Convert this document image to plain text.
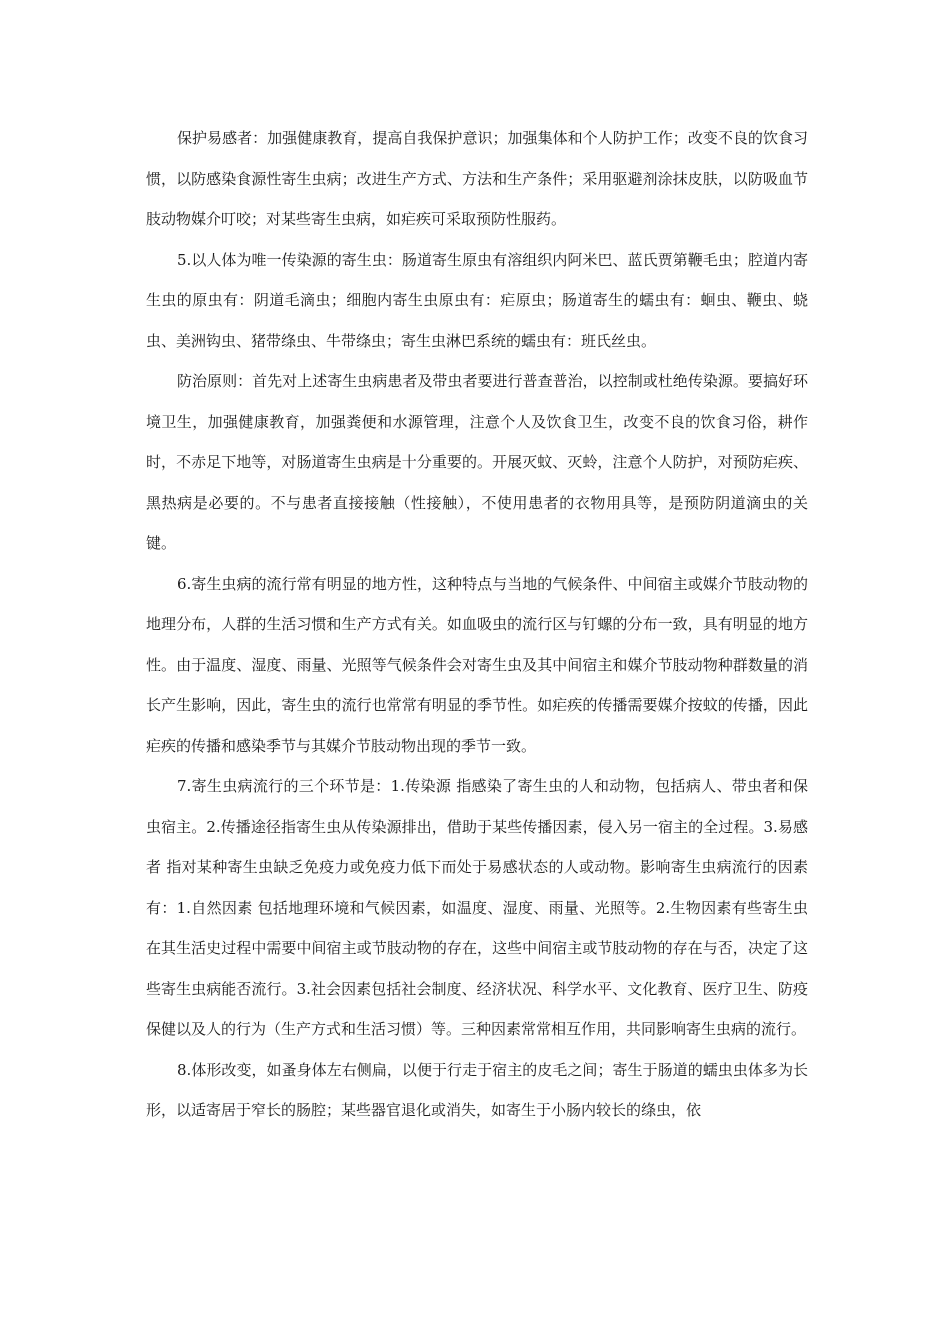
保护易感者：加强健康教育，提高自我保护意识；加强集体和个人防护工作；改变不良的饮食习惯，以防感染食源性寄生虫病；改进生产方式、方法和生产条件；采用驱避剂涂抹皮肤，以防吸血节肢动物媒介叮咬；对某些寄生虫病，如疟疾可采取预防性服药。

5.以人体为唯一传染源的寄生虫：肠道寄生原虫有溶组织内阿米巴、蓝氏贾第鞭毛虫；腔道内寄生虫的原虫有：阴道毛滴虫；细胞内寄生虫原虫有：疟原虫；肠道寄生的蠕虫有：蛔虫、鞭虫、蛲虫、美洲钩虫、猪带绦虫、牛带绦虫；寄生虫淋巴系统的蠕虫有：班氏丝虫。

防治原则：首先对上述寄生虫病患者及带虫者要进行普查普治，以控制或杜绝传染源。要搞好环境卫生，加强健康教育，加强粪便和水源管理，注意个人及饮食卫生，改变不良的饮食习俗，耕作时，不赤足下地等，对肠道寄生虫病是十分重要的。开展灭蚊、灭蛉，注意个人防护，对预防疟疾、黑热病是必要的。不与患者直接接触（性接触），不使用患者的衣物用具等，是预防阴道滴虫的关键。

6.寄生虫病的流行常有明显的地方性，这种特点与当地的气候条件、中间宿主或媒介节肢动物的地理分布，人群的生活习惯和生产方式有关。如血吸虫的流行区与钉螺的分布一致，具有明显的地方性。由于温度、湿度、雨量、光照等气候条件会对寄生虫及其中间宿主和媒介节肢动物种群数量的消长产生影响，因此，寄生虫的流行也常常有明显的季节性。如疟疾的传播需要媒介按蚊的传播，因此疟疾的传播和感染季节与其媒介节肢动物出现的季节一致。

7.寄生虫病流行的三个环节是：1.传染源 指感染了寄生虫的人和动物，包括病人、带虫者和保虫宿主。2.传播途径指寄生虫从传染源排出，借助于某些传播因素，侵入另一宿主的全过程。3.易感者 指对某种寄生虫缺乏免疫力或免疫力低下而处于易感状态的人或动物。影响寄生虫病流行的因素有：1.自然因素 包括地理环境和气候因素，如温度、湿度、雨量、光照等。2.生物因素有些寄生虫在其生活史过程中需要中间宿主或节肢动物的存在，这些中间宿主或节肢动物的存在与否，决定了这些寄生虫病能否流行。3.社会因素包括社会制度、经济状况、科学水平、文化教育、医疗卫生、防疫保健以及人的行为（生产方式和生活习惯）等。三种因素常常相互作用，共同影响寄生虫病的流行。

8.体形改变，如蚤身体左右侧扁，以便于行走于宿主的皮毛之间；寄生于肠道的蠕虫虫体多为长形，以适寄居于窄长的肠腔；某些器官退化或消失，如寄生于小肠内较长的绦虫，依
